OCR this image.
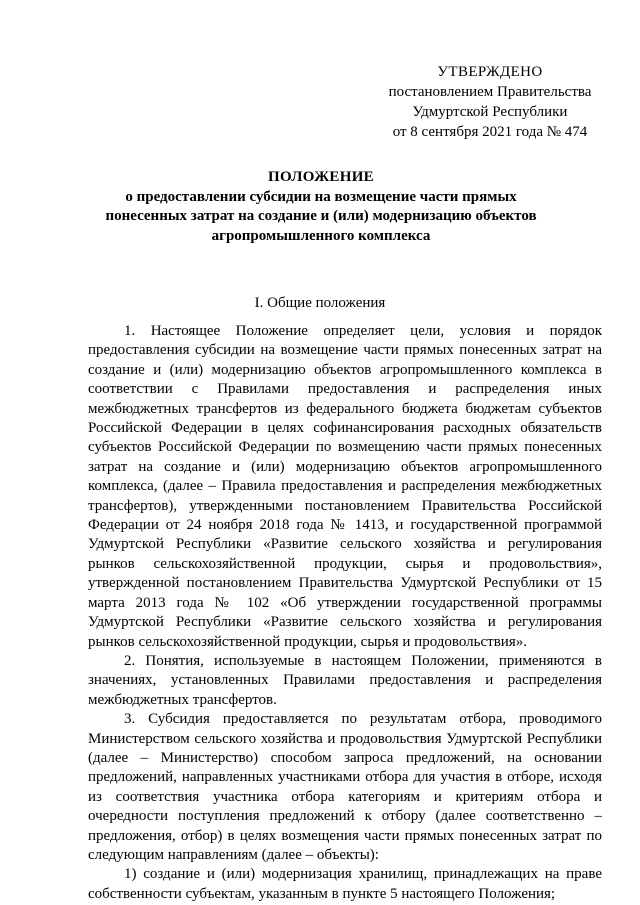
УТВЕРЖДЕНО
постановлением Правительства
Удмуртской Республики
от 8 сентября 2021 года № 474
ПОЛОЖЕНИЕ
о предоставлении субсидии на возмещение части прямых понесенных затрат на создание и (или) модернизацию объектов агропромышленного комплекса
I. Общие положения

1. Настоящее Положение определяет цели, условия и порядок предоставления субсидии на возмещение части прямых понесенных затрат на создание и (или) модернизацию объектов агропромышленного комплекса в соответствии с Правилами предоставления и распределения иных межбюджетных трансфертов из федерального бюджета бюджетам субъектов Российской Федерации в целях софинансирования расходных обязательств субъектов Российской Федерации по возмещению части прямых понесенных затрат на создание и (или) модернизацию объектов агропромышленного комплекса, (далее – Правила предоставления и распределения межбюджетных трансфертов), утвержденными постановлением Правительства Российской Федерации от 24 ноября 2018 года № 1413, и государственной программой Удмуртской Республики «Развитие сельского хозяйства и регулирования рынков сельскохозяйственной продукции, сырья и продовольствия», утвержденной постановлением Правительства Удмуртской Республики от 15 марта 2013 года № 102 «Об утверждении государственной программы Удмуртской Республики «Развитие сельского хозяйства и регулирования рынков сельскохозяйственной продукции, сырья и продовольствия».

2. Понятия, используемые в настоящем Положении, применяются в значениях, установленных Правилами предоставления и распределения межбюджетных трансфертов.

3. Субсидия предоставляется по результатам отбора, проводимого Министерством сельского хозяйства и продовольствия Удмуртской Республики (далее – Министерство) способом запроса предложений, на основании предложений, направленных участниками отбора для участия в отборе, исходя из соответствия участника отбора категориям и критериям отбора и очередности поступления предложений к отбору (далее соответственно – предложения, отбор) в целях возмещения части прямых понесенных затрат по следующим направлениям (далее – объекты):

1) создание и (или) модернизация хранилищ, принадлежащих на праве собственности субъектам, указанным в пункте 5 настоящего Положения;
